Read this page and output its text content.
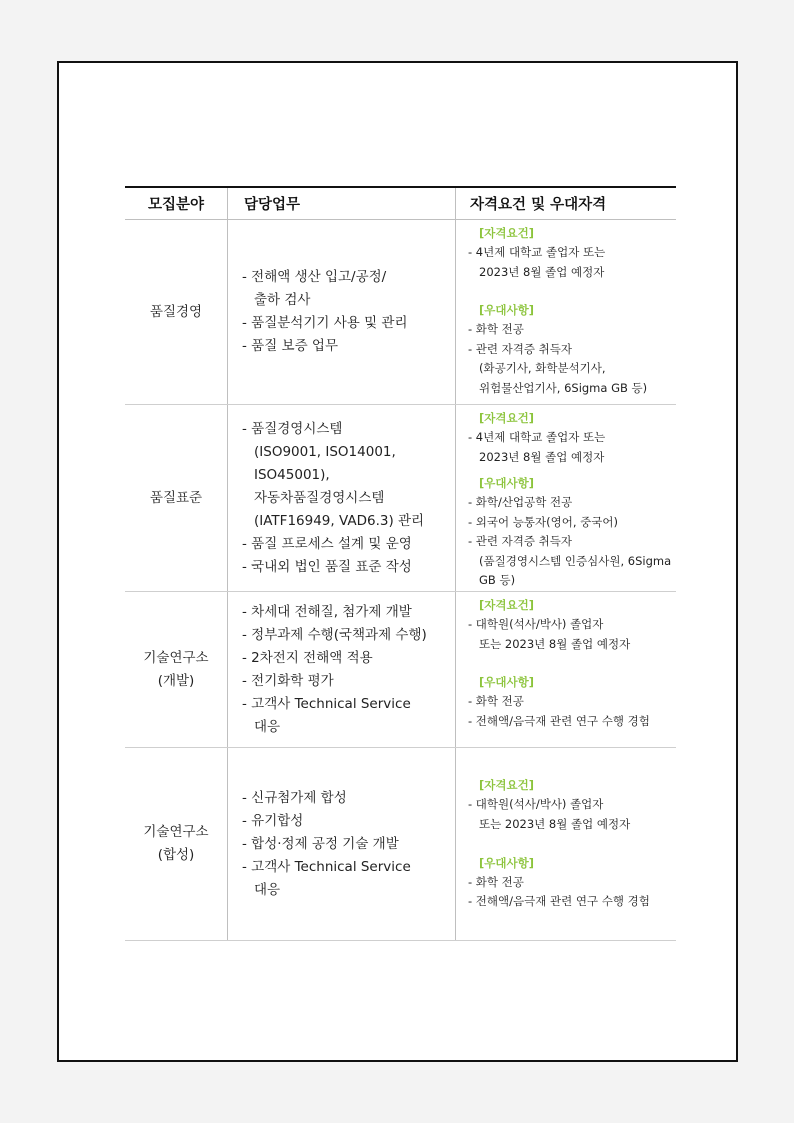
모집분야	담당업무	자격요건 및 우대자격
품질경영
- 전해액 생산 입고/공정/
출하 검사
- 품질분석기기 사용 및 관리
- 품질 보증 업무
[자격요건]
- 4년제 대학교 졸업자 또는
2023년 8월 졸업 예정자
[우대사항]
- 화학 전공
- 관련 자격증 취득자
(화공기사, 화학분석기사,
위험물산업기사, 6Sigma GB 등)
품질표준
- 품질경영시스템
(ISO9001, ISO14001,
ISO45001),
자동차품질경영시스템
(IATF16949, VAD6.3) 관리
- 품질 프로세스 설계 및 운영
- 국내외 법인 품질 표준 작성
[자격요건]
- 4년제 대학교 졸업자 또는
2023년 8월 졸업 예정자
[우대사항]
- 화학/산업공학 전공
- 외국어 능통자(영어, 중국어)
- 관련 자격증 취득자
(품질경영시스템 인증심사원, 6Sigma GB 등)
기술연구소
(개발)
- 차세대 전해질, 첨가제 개발
- 정부과제 수행(국책과제 수행)
- 2차전지 전해액 적용
- 전기화학 평가
- 고객사 Technical Service
대응
[자격요건]
- 대학원(석사/박사) 졸업자
또는 2023년 8월 졸업 예정자
[우대사항]
- 화학 전공
- 전해액/음극재 관련 연구 수행 경험
기술연구소
(합성)
- 신규첨가제 합성
- 유기합성
- 합성·정제 공정 기술 개발
- 고객사 Technical Service
대응
[자격요건]
- 대학원(석사/박사) 졸업자
또는 2023년 8월 졸업 예정자
[우대사항]
- 화학 전공
- 전해액/음극재 관련 연구 수행 경험
